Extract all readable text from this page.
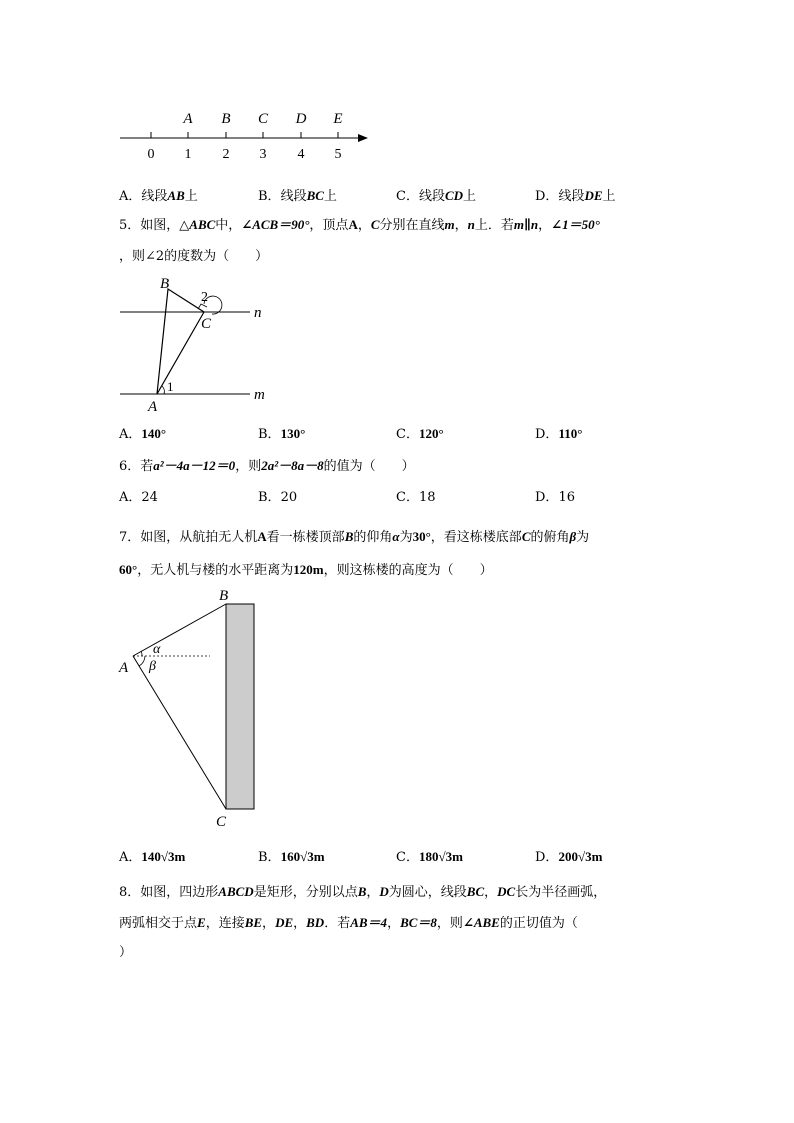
A B C D E
0 1 2 3 4 5
A．线段AB上	B．线段BC上	C．线段CD上	D．线段DE上
5．如图，△ABC中，∠ACB＝90°，顶点A，C分别在直线m，n上．若m∥n，∠1＝50°
，则∠2的度数为（　　）
B
2
C
n
1
A
m
A．140°	B．130°	C．120°	D．110°
6．若a²－4a－12＝0，则2a²－8a－8的值为（　　）
A．24	B．20	C．18	D．16
7．如图，从航拍无人机A看一栋楼顶部B的仰角α为30°，看这栋楼底部C的俯角β为
60°，无人机与楼的水平距离为120m，则这栋楼的高度为（　　）
B
A
α
β
C
A．140√3m	B．160√3m	C．180√3m	D．200√3m
8．如图，四边形ABCD是矩形，分别以点B，D为圆心，线段BC，DC长为半径画弧，
两弧相交于点E，连接BE，DE，BD．若AB＝4，BC＝8，则∠ABE的正切值为（
）
